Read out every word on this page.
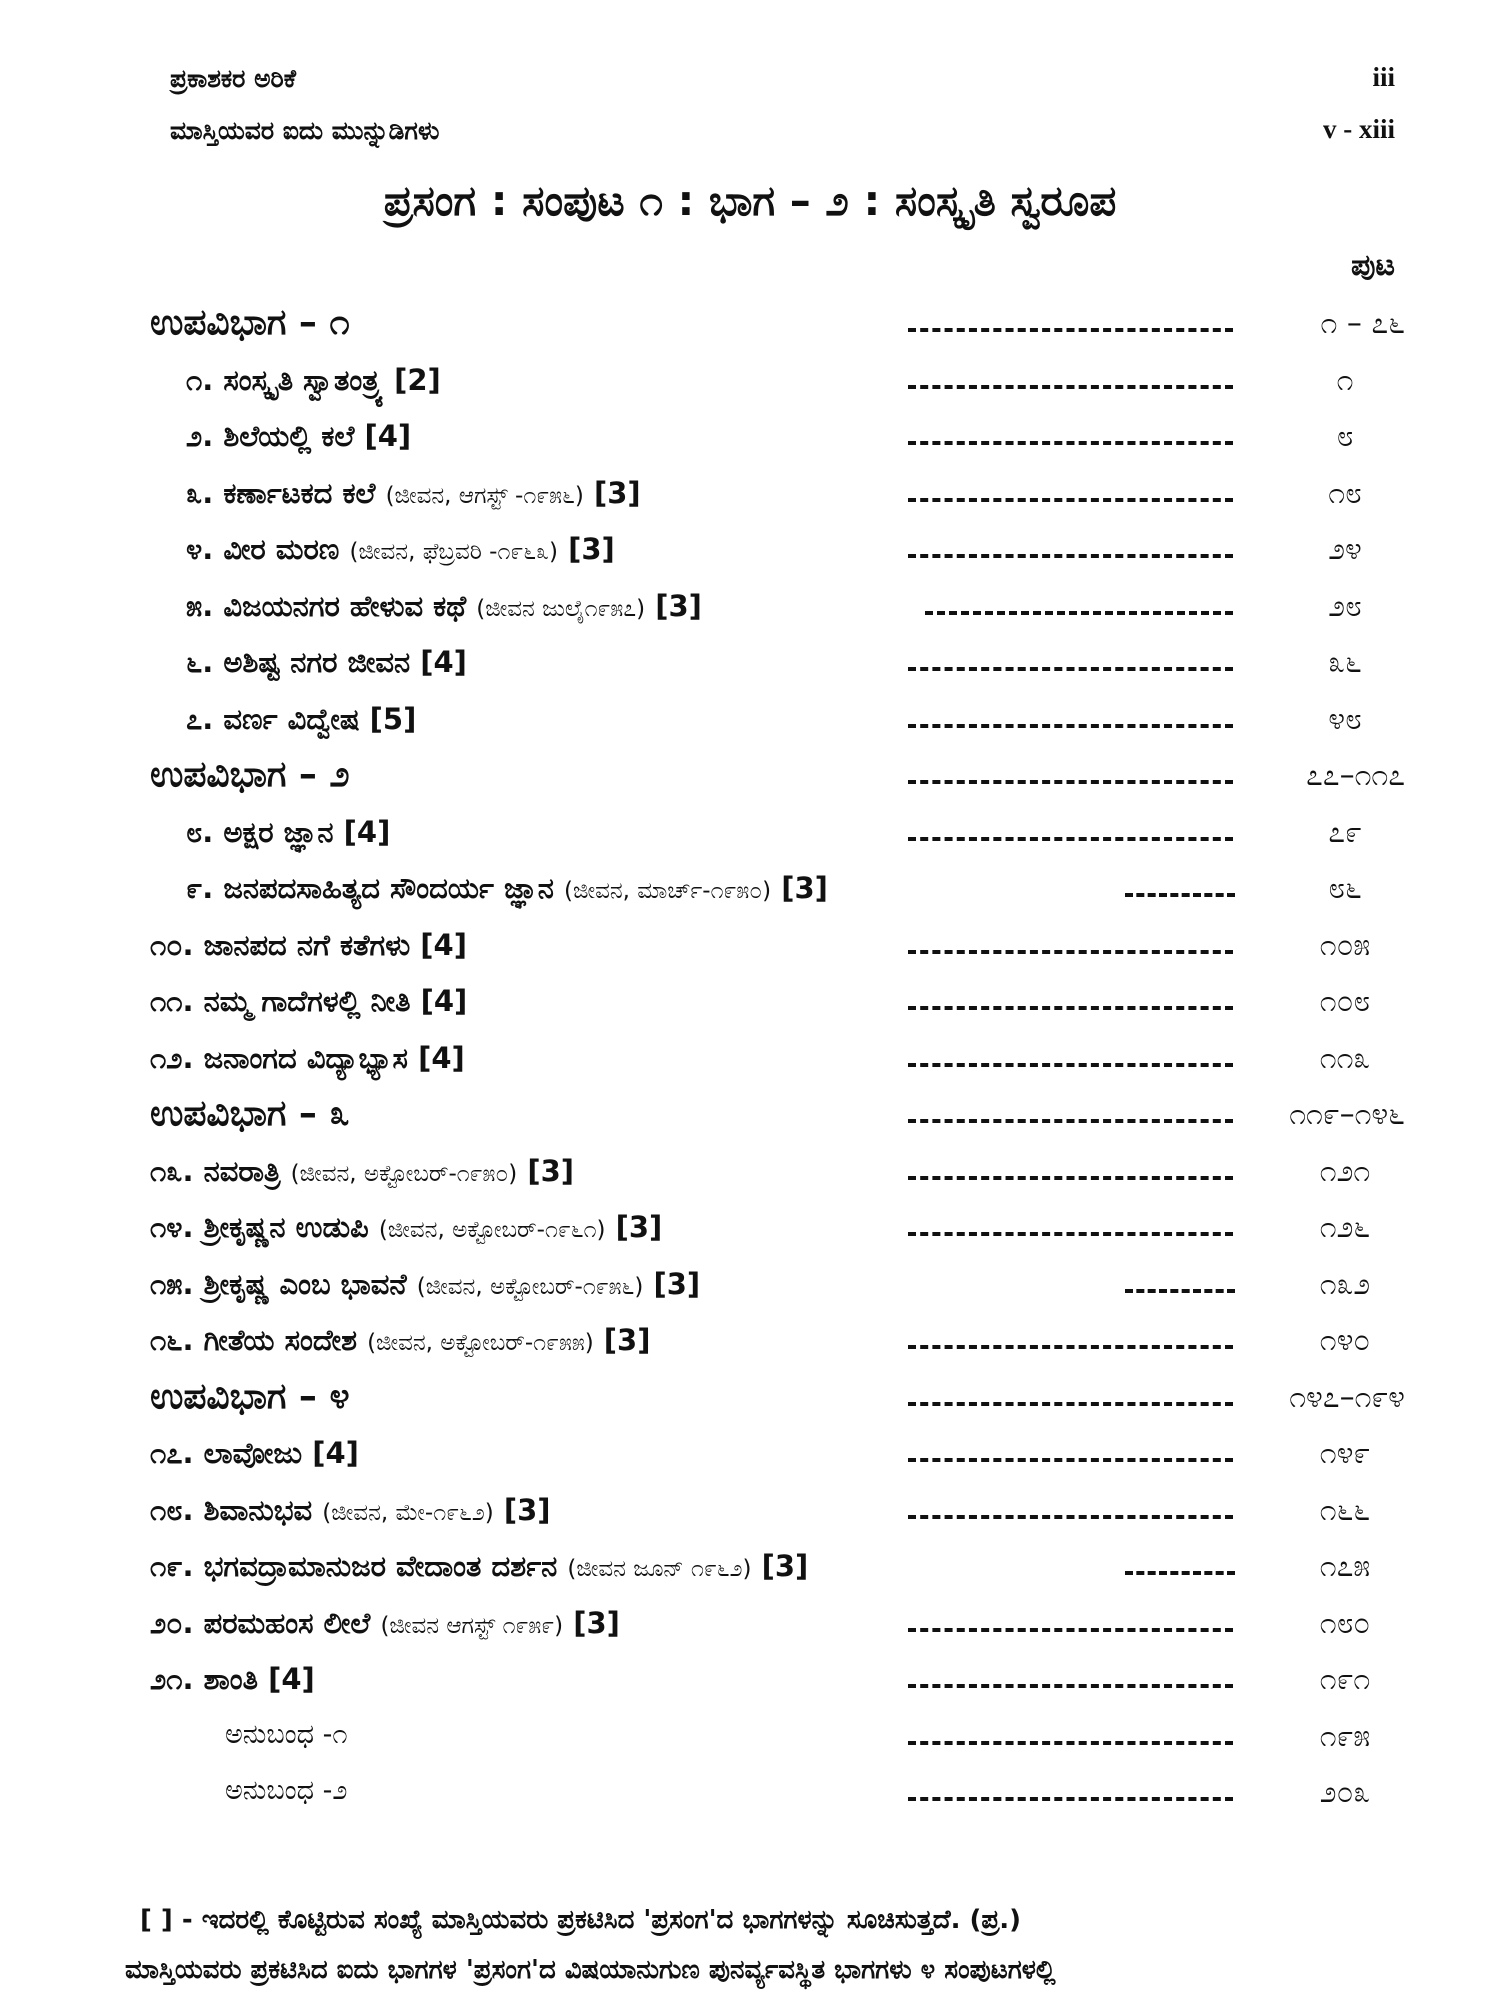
ಪ್ರಕಾಶಕರ ಅರಿಕೆ	iii
ಮಾಸ್ತಿಯವರ ಐದು ಮುನ್ನುಡಿಗಳು	v - xiii
ಪ್ರಸಂಗ : ಸಂಪುಟ ೧ : ಭಾಗ – ೨ : ಸಂಸ್ಕೃತಿ ಸ್ವರೂಪ
ಪುಟ
ಉಪವಿಭಾಗ – ೧	೧ – ೭೬
೧. ಸಂಸ್ಕೃತಿ ಸ್ವಾತಂತ್ರ್ಯ [2]	೧
೨. ಶಿಲೆಯಲ್ಲಿ ಕಲೆ [4]	೮
೩. ಕರ್ಣಾಟಕದ ಕಲೆ (ಜೀವನ, ಆಗಸ್ಟ್ -೧೯೫೬) [3]	೧೮
೪. ವೀರ ಮರಣ (ಜೀವನ, ಫೆಬ್ರವರಿ -೧೯೬೩) [3]	೨೪
೫. ವಿಜಯನಗರ ಹೇಳುವ ಕಥೆ (ಜೀವನ ಜುಲೈ೧೯೫೭) [3]	೨೮
೬. ಅಶಿಷ್ಟ ನಗರ ಜೀವನ [4]	೩೬
೭. ವರ್ಣ ವಿದ್ವೇಷ [5]	೪೮
ಉಪವಿಭಾಗ – ೨	೭೭–೧೧೭
೮. ಅಕ್ಷರ ಜ್ಞಾನ [4]	೭೯
೯. ಜನಪದಸಾಹಿತ್ಯದ ಸೌಂದರ್ಯ ಜ್ಞಾನ (ಜೀವನ, ಮಾರ್ಚ್-೧೯೫೦) [3]	೮೬
೧೦. ಜಾನಪದ ನಗೆ ಕತೆಗಳು [4]	೧೦೫
೧೧. ನಮ್ಮ ಗಾದೆಗಳಲ್ಲಿ ನೀತಿ [4]	೧೦೮
೧೨. ಜನಾಂಗದ ವಿದ್ಯಾಭ್ಯಾಸ [4]	೧೧೩
ಉಪವಿಭಾಗ – ೩	೧೧೯–೧೪೬
೧೩. ನವರಾತ್ರಿ (ಜೀವನ, ಅಕ್ಟೋಬರ್-೧೯೫೦) [3]	೧೨೧
೧೪. ಶ್ರೀಕೃಷ್ಣನ ಉಡುಪಿ (ಜೀವನ, ಅಕ್ಟೋಬರ್-೧೯೬೧) [3]	೧೨೬
೧೫. ಶ್ರೀಕೃಷ್ಣ ಎಂಬ ಭಾವನೆ (ಜೀವನ, ಅಕ್ಟೋಬರ್-೧೯೫೬) [3]	೧೩೨
೧೬. ಗೀತೆಯ ಸಂದೇಶ (ಜೀವನ, ಅಕ್ಟೋಬರ್-೧೯೫೫) [3]	೧೪೦
ಉಪವಿಭಾಗ – ೪	೧೪೭–೧೯೪
೧೭. ಲಾವೋಜು [4]	೧೪೯
೧೮. ಶಿವಾನುಭವ (ಜೀವನ, ಮೇ-೧೯೬೨) [3]	೧೬೬
೧೯. ಭಗವದ್ರಾಮಾನುಜರ ವೇದಾಂತ ದರ್ಶನ (ಜೀವನ ಜೂನ್ ೧೯೬೨) [3]	೧೭೫
೨೦. ಪರಮಹಂಸ ಲೀಲೆ (ಜೀವನ ಆಗಸ್ಟ್ ೧೯೫೯) [3]	೧೮೦
೨೧. ಶಾಂತಿ [4]	೧೯೧
ಅನುಬಂಧ -೧	೧೯೫
ಅನುಬಂಧ -೨	೨೦೩
[ ] - ಇದರಲ್ಲಿ ಕೊಟ್ಟಿರುವ ಸಂಖ್ಯೆ ಮಾಸ್ತಿಯವರು ಪ್ರಕಟಿಸಿದ 'ಪ್ರಸಂಗ'ದ ಭಾಗಗಳನ್ನು ಸೂಚಿಸುತ್ತದೆ. (ಪ್ರ.)
ಮಾಸ್ತಿಯವರು ಪ್ರಕಟಿಸಿದ ಐದು ಭಾಗಗಳ 'ಪ್ರಸಂಗ'ದ ವಿಷಯಾನುಗುಣ ಪುನರ್ವ್ಯವಸ್ಥಿತ ಭಾಗಗಳು ೪ ಸಂಪುಟಗಳಲ್ಲಿ
